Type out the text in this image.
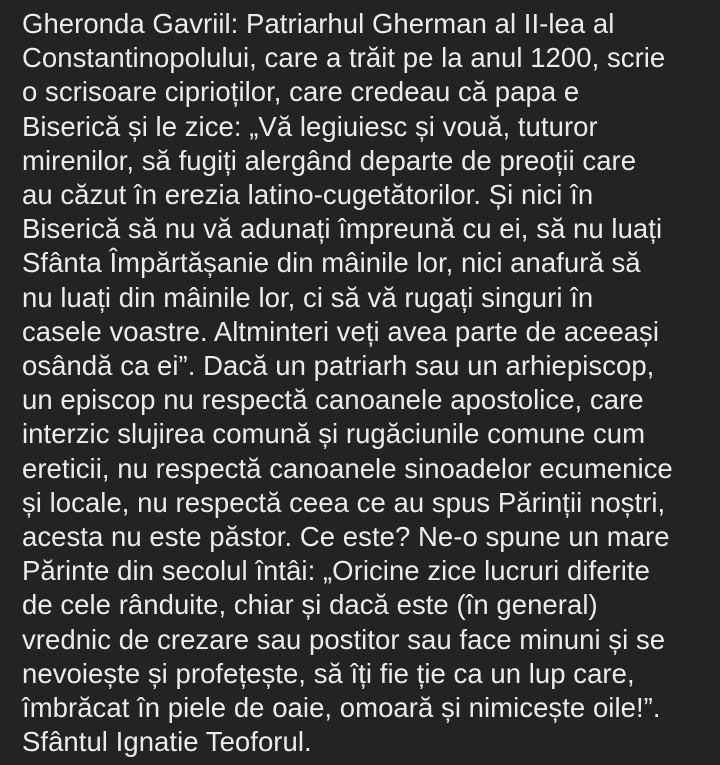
Gheronda Gavriil: Patriarhul Gherman al II-lea al
Constantinopolului, care a trăit pe la anul 1200, scrie
o scrisoare ciprioților, care credeau că papa e
Biserică și le zice: „Vă legiuiesc și vouă, tuturor
mirenilor, să fugiți alergând departe de preoții care
au căzut în erezia latino-cugetătorilor. Și nici în
Biserică să nu vă adunați împreună cu ei, să nu luați
Sfânta Împărtășanie din mâinile lor, nici anafură să
nu luați din mâinile lor, ci să vă rugați singuri în
casele voastre. Altminteri veți avea parte de aceeași
osândă ca ei”. Dacă un patriarh sau un arhiepiscop,
un episcop nu respectă canoanele apostolice, care
interzic slujirea comună și rugăciunile comune cum
ereticii, nu respectă canoanele sinoadelor ecumenice
și locale, nu respectă ceea ce au spus Părinții noștri,
acesta nu este păstor. Ce este? Ne-o spune un mare
Părinte din secolul întâi: „Oricine zice lucruri diferite
de cele rânduite, chiar și dacă este (în general)
vrednic de crezare sau postitor sau face minuni și se
nevoiește și profețește, să îți fie ție ca un lup care,
îmbrăcat în piele de oaie, omoară și nimicește oile!”.
Sfântul Ignatie Teoforul.
